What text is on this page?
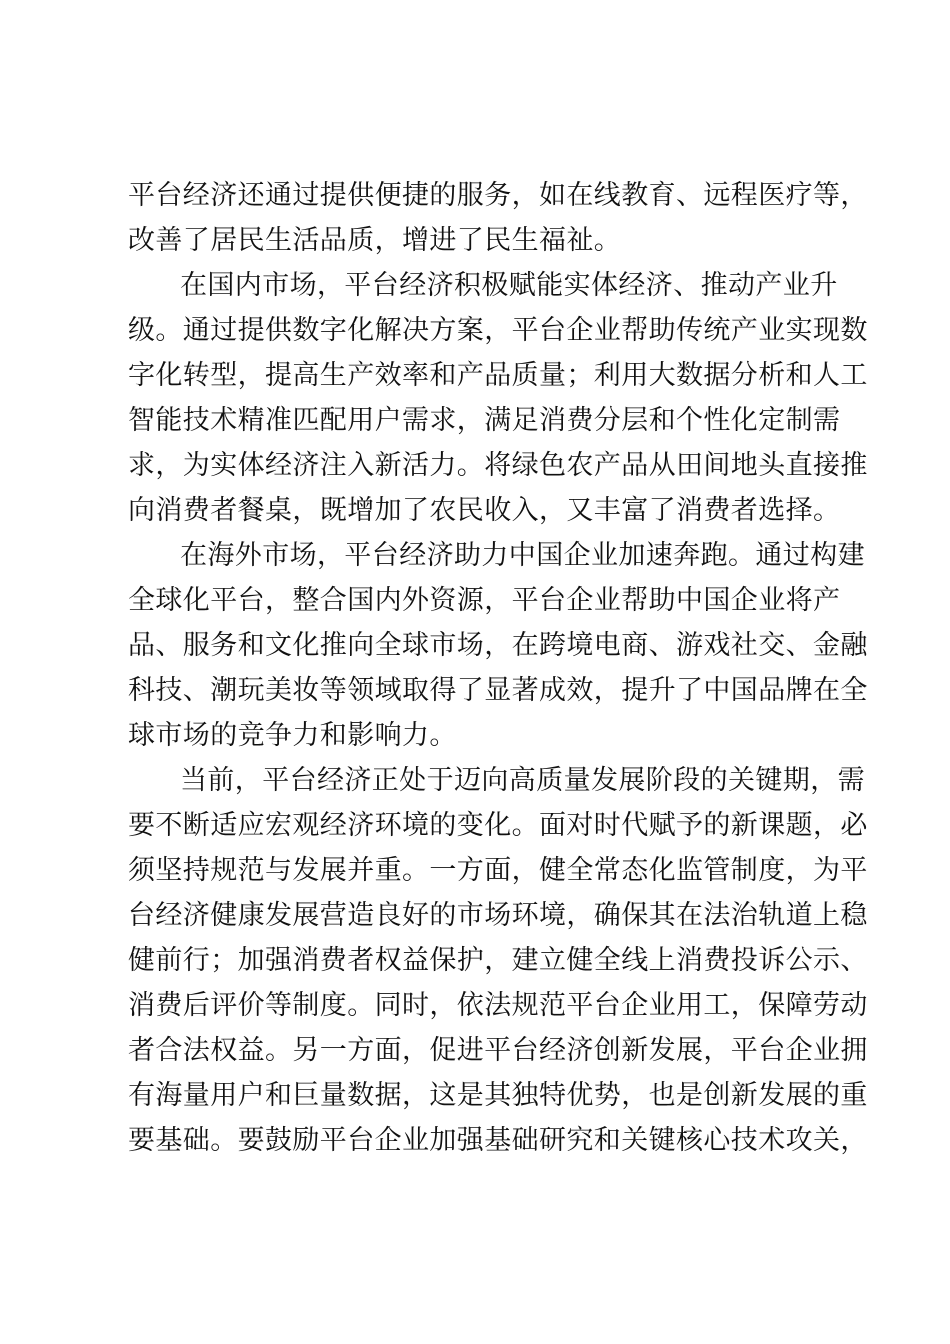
平台经济还通过提供便捷的服务，如在线教育、远程医疗等，
改善了居民生活品质，增进了民生福祉。
在国内市场，平台经济积极赋能实体经济、推动产业升
级。通过提供数字化解决方案，平台企业帮助传统产业实现数
字化转型，提高生产效率和产品质量；利用大数据分析和人工
智能技术精准匹配用户需求，满足消费分层和个性化定制需
求，为实体经济注入新活力。将绿色农产品从田间地头直接推
向消费者餐桌，既增加了农民收入，又丰富了消费者选择。
在海外市场，平台经济助力中国企业加速奔跑。通过构建
全球化平台，整合国内外资源，平台企业帮助中国企业将产
品、服务和文化推向全球市场，在跨境电商、游戏社交、金融
科技、潮玩美妆等领域取得了显著成效，提升了中国品牌在全
球市场的竞争力和影响力。
当前，平台经济正处于迈向高质量发展阶段的关键期，需
要不断适应宏观经济环境的变化。面对时代赋予的新课题，必
须坚持规范与发展并重。一方面，健全常态化监管制度，为平
台经济健康发展营造良好的市场环境，确保其在法治轨道上稳
健前行；加强消费者权益保护，建立健全线上消费投诉公示、
消费后评价等制度。同时，依法规范平台企业用工，保障劳动
者合法权益。另一方面，促进平台经济创新发展，平台企业拥
有海量用户和巨量数据，这是其独特优势，也是创新发展的重
要基础。要鼓励平台企业加强基础研究和关键核心技术攻关，
